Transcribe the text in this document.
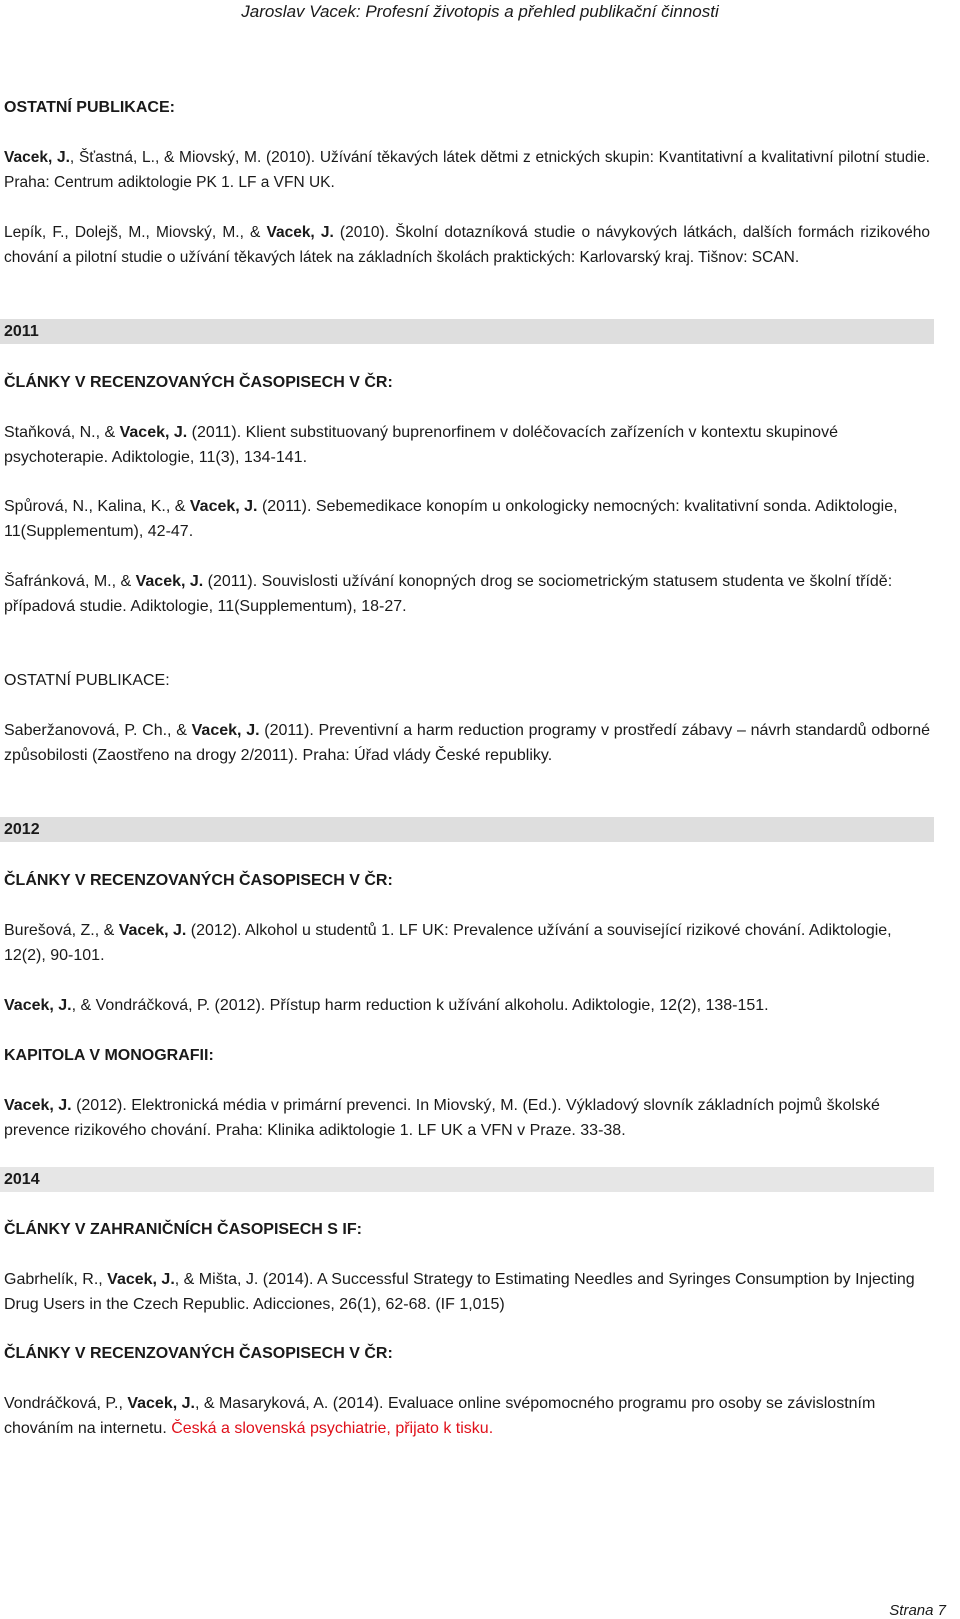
Jaroslav Vacek: Profesní životopis a přehled publikační činnosti

OSTATNÍ PUBLIKACE:

Vacek, J., Šťastná, L., & Miovský, M. (2010). Užívání těkavých látek dětmi z etnických skupin: Kvantitativní a kvalitativní pilotní studie. Praha: Centrum adiktologie PK 1. LF a VFN UK.

Lepík, F., Dolejš, M., Miovský, M., & Vacek, J. (2010). Školní dotazníková studie o návykových látkách, dalších formách rizikového chování a pilotní studie o užívání těkavých látek na základních školách praktických: Karlovarský kraj. Tišnov: SCAN.

2011

ČLÁNKY V RECENZOVANÝCH ČASOPISECH V ČR:

Staňková, N., & Vacek, J. (2011). Klient substituovaný buprenorfinem v doléčovacích zařízeních v kontextu skupinové psychoterapie. Adiktologie, 11(3), 134-141.

Spůrová, N., Kalina, K., & Vacek, J. (2011). Sebemedikace konopím u onkologicky nemocných: kvalitativní sonda. Adiktologie, 11(Supplementum), 42-47.

Šafránková, M., & Vacek, J. (2011). Souvislosti užívání konopných drog se sociometrickým statusem studenta ve školní třídě: případová studie. Adiktologie, 11(Supplementum), 18-27.

OSTATNÍ PUBLIKACE:

Saberžanovová, P. Ch., & Vacek, J. (2011). Preventivní a harm reduction programy v prostředí zábavy – návrh standardů odborné způsobilosti (Zaostřeno na drogy 2/2011). Praha: Úřad vlády České republiky.

2012

ČLÁNKY V RECENZOVANÝCH ČASOPISECH V ČR:

Burešová, Z., & Vacek, J. (2012). Alkohol u studentů 1. LF UK: Prevalence užívání a související rizikové chování. Adiktologie, 12(2), 90-101.

Vacek, J., & Vondráčková, P. (2012). Přístup harm reduction k užívání alkoholu. Adiktologie, 12(2), 138-151.

KAPITOLA V MONOGRAFII:

Vacek, J. (2012). Elektronická média v primární prevenci. In Miovský, M. (Ed.). Výkladový slovník základních pojmů školské prevence rizikového chování. Praha: Klinika adiktologie 1. LF UK a VFN v Praze. 33-38.

2014

ČLÁNKY V ZAHRANIČNÍCH ČASOPISECH S IF:

Gabrhelík, R., Vacek, J., & Mišta, J. (2014). A Successful Strategy to Estimating Needles and Syringes Consumption by Injecting Drug Users in the Czech Republic. Adicciones, 26(1), 62-68. (IF 1,015)

ČLÁNKY V RECENZOVANÝCH ČASOPISECH V ČR:

Vondráčková, P., Vacek, J., & Masaryková, A. (2014). Evaluace online svépomocného programu pro osoby se závislostním chováním na internetu. Česká a slovenská psychiatrie, přijato k tisku.

Strana 7
